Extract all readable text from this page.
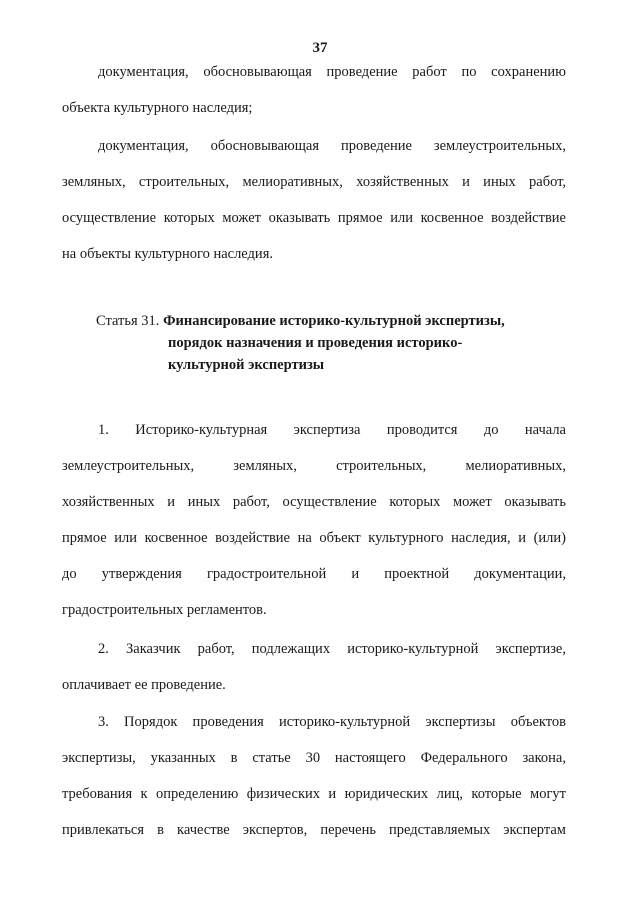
37
документация, обосновывающая проведение работ по сохранению
объекта культурного наследия;
документация, обосновывающая проведение землеустроительных,
земляных, строительных, мелиоративных, хозяйственных и иных работ,
осуществление которых может оказывать прямое или косвенное воздействие
на объекты культурного наследия.
Статья 31. Финансирование историко-культурной экспертизы,
порядок назначения и проведения историко-
культурной экспертизы
1. Историко-культурная экспертиза проводится до начала
землеустроительных, земляных, строительных, мелиоративных,
хозяйственных и иных работ, осуществление которых может оказывать
прямое или косвенное воздействие на объект культурного наследия, и (или)
до утверждения градостроительной и проектной документации,
градостроительных регламентов.
2. Заказчик работ, подлежащих историко-культурной экспертизе,
оплачивает ее проведение.
3. Порядок проведения историко-культурной экспертизы объектов
экспертизы, указанных в статье 30 настоящего Федерального закона,
требования к определению физических и юридических лиц, которые могут
привлекаться в качестве экспертов, перечень представляемых экспертам
